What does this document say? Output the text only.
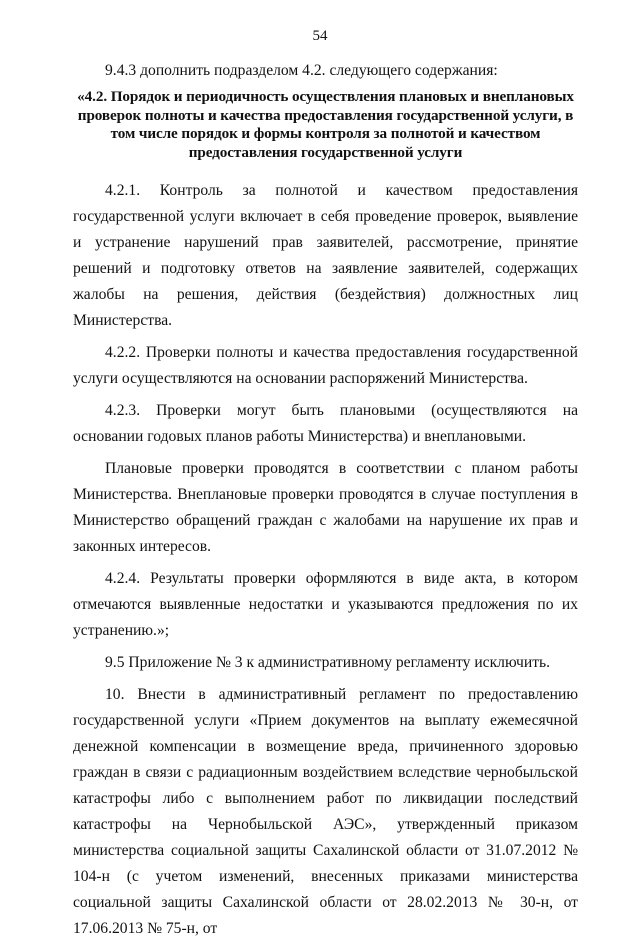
54

9.4.3 дополнить подразделом 4.2. следующего содержания:

«4.2. Порядок и периодичность осуществления плановых и внеплановых проверок полноты и качества предоставления государственной услуги, в том числе порядок и формы контроля за полнотой и качеством предоставления государственной услуги

4.2.1. Контроль за полнотой и качеством предоставления государственной услуги включает в себя проведение проверок, выявление и устранение нарушений прав заявителей, рассмотрение, принятие решений и подготовку ответов на заявление заявителей, содержащих жалобы на решения, действия (бездействия) должностных лиц Министерства.

4.2.2. Проверки полноты и качества предоставления государственной услуги осуществляются на основании распоряжений Министерства.

4.2.3. Проверки могут быть плановыми (осуществляются на основании годовых планов работы Министерства) и внеплановыми.

Плановые проверки проводятся в соответствии с планом работы Министерства. Внеплановые проверки проводятся в случае поступления в Министерство обращений граждан с жалобами на нарушение их прав и законных интересов.

4.2.4. Результаты проверки оформляются в виде акта, в котором отмечаются выявленные недостатки и указываются предложения по их устранению.»;

9.5 Приложение № 3 к административному регламенту исключить.

10. Внести в административный регламент по предоставлению государственной услуги «Прием документов на выплату ежемесячной денежной компенсации в возмещение вреда, причиненного здоровью граждан в связи с радиационным воздействием вследствие чернобыльской катастрофы либо с выполнением работ по ликвидации последствий катастрофы на Чернобыльской АЭС», утвержденный приказом министерства социальной защиты Сахалинской области от 31.07.2012 № 104-н (с учетом изменений, внесенных приказами министерства социальной защиты Сахалинской области от 28.02.2013 № 30-н, от 17.06.2013 № 75-н, от
